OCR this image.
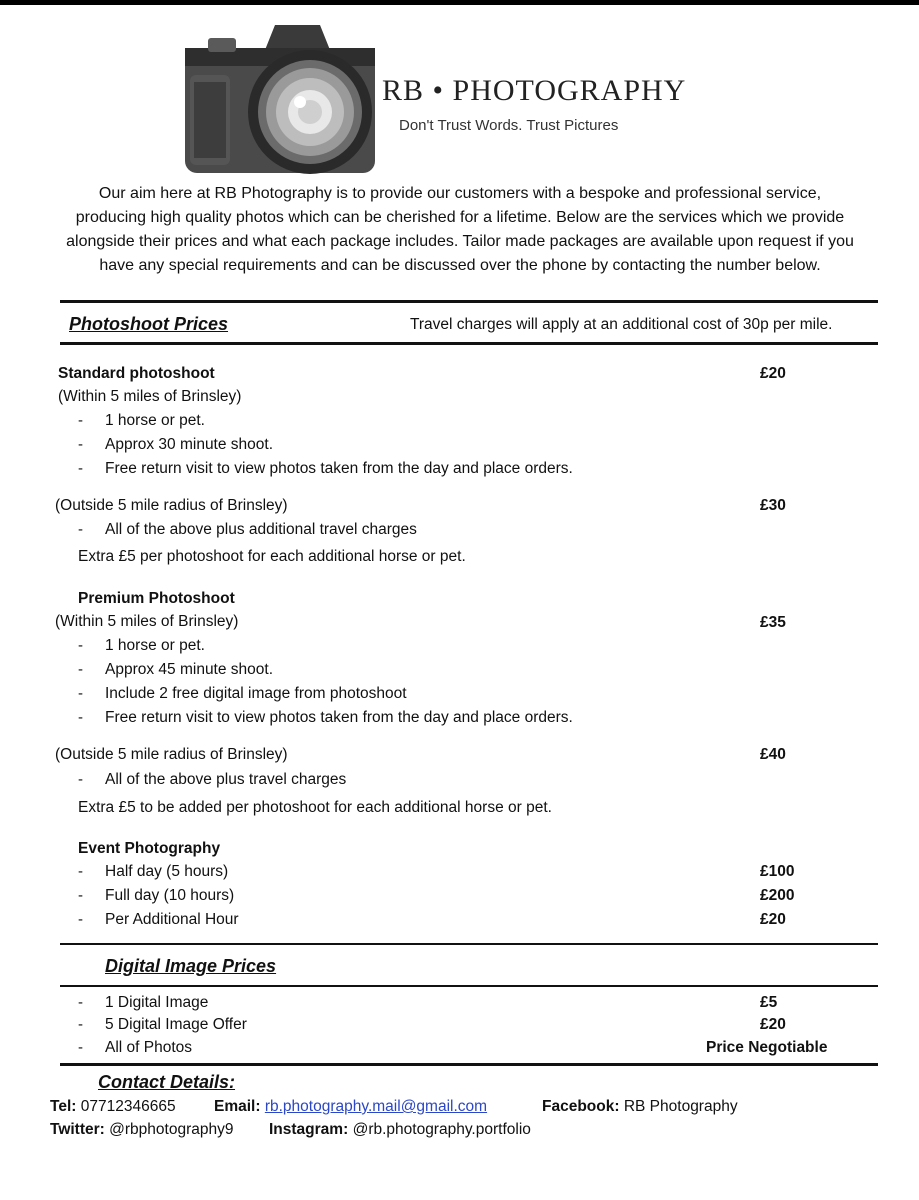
RB • PHOTOGRAPHY
Don't Trust Words. Trust Pictures
Our aim here at RB Photography is to provide our customers with a bespoke and professional service,
producing high quality photos which can be cherished for a lifetime. Below are the services which we provide
alongside their prices and what each package includes. Tailor made packages are available upon request if you
have any special requirements and can be discussed over the phone by contacting the number below.
Photoshoot Prices	Travel charges will apply at an additional cost of 30p per mile.
Standard photoshoot	£20
(Within 5 miles of Brinsley)
- 1 horse or pet.
- Approx 30 minute shoot.
- Free return visit to view photos taken from the day and place orders.
(Outside 5 mile radius of Brinsley)	£30
- All of the above plus additional travel charges
Extra £5 per photoshoot for each additional horse or pet.
Premium Photoshoot
(Within 5 miles of Brinsley)	£35
- 1 horse or pet.
- Approx 45 minute shoot.
- Include 2 free digital image from photoshoot
- Free return visit to view photos taken from the day and place orders.
(Outside 5 mile radius of Brinsley)	£40
- All of the above plus travel charges
Extra £5 to be added per photoshoot for each additional horse or pet.
Event Photography
- Half day (5 hours)	£100
- Full day (10 hours)	£200
- Per Additional Hour	£20
Digital Image Prices
- 1 Digital Image	£5
- 5 Digital Image Offer	£20
- All of Photos	Price Negotiable
Contact Details:
Tel: 07712346665 Email: rb.photography.mail@gmail.com	Facebook: RB Photography
Twitter: @rbphotography9 Instagram: @rb.photography.portfolio
